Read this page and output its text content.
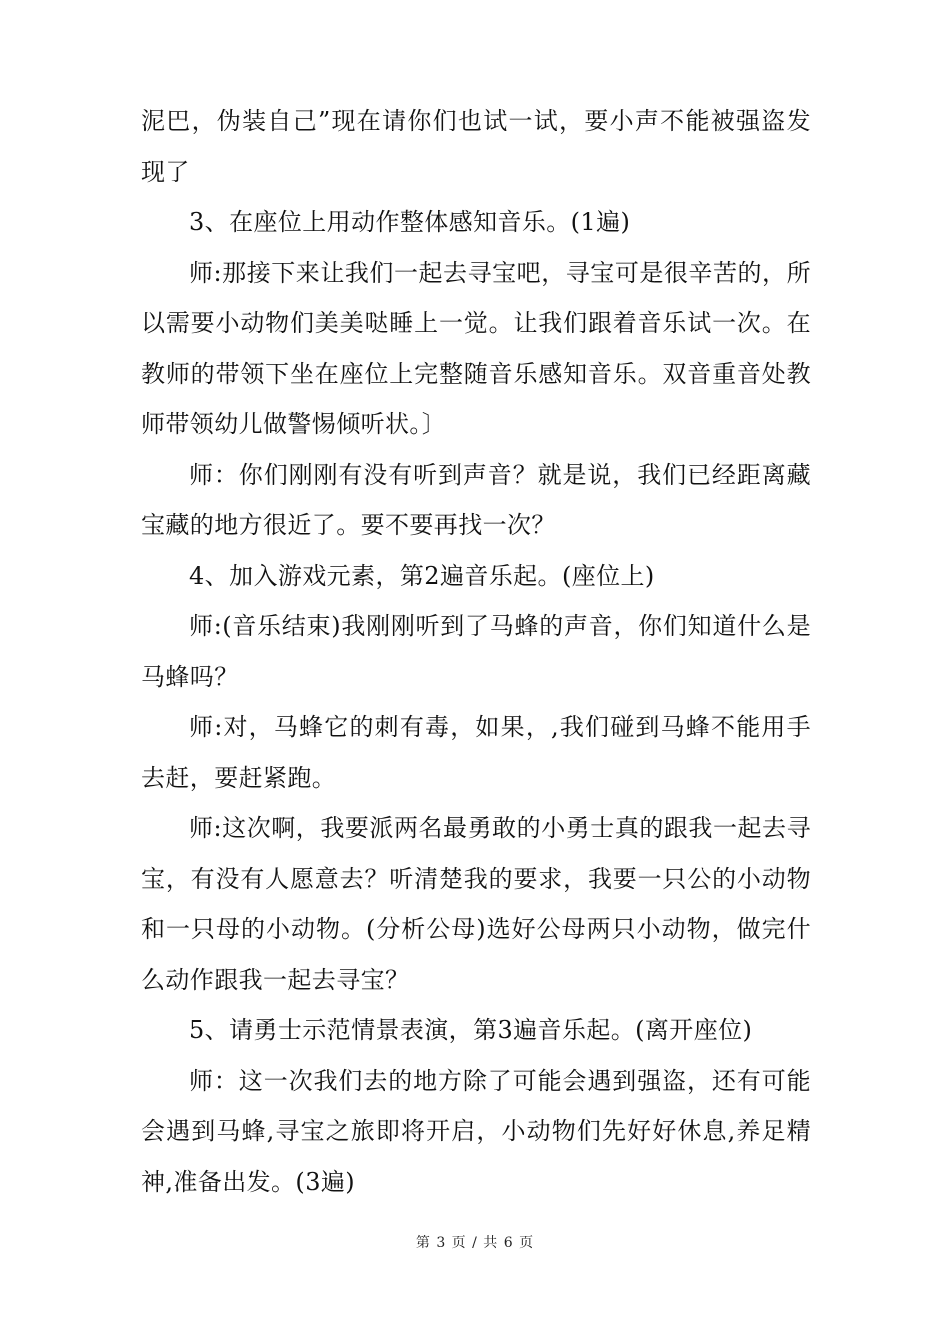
泥巴，伪装自己”现在请你们也试一试，要小声不能被强盗发现了

3、在座位上用动作整体感知音乐。(1遍)

师:那接下来让我们一起去寻宝吧，寻宝可是很辛苦的，所以需要小动物们美美哒睡上一觉。让我们跟着音乐试一次。在教师的带领下坐在座位上完整随音乐感知音乐。双音重音处教师带领幼儿做警惕倾听状。〕

师：你们刚刚有没有听到声音？就是说，我们已经距离藏宝藏的地方很近了。要不要再找一次？

4、加入游戏元素，第2遍音乐起。(座位上)

师:(音乐结束)我刚刚听到了马蜂的声音，你们知道什么是马蜂吗？

师:对，马蜂它的刺有毒，如果，,我们碰到马蜂不能用手去赶，要赶紧跑。

师:这次啊，我要派两名最勇敢的小勇士真的跟我一起去寻宝，有没有人愿意去？听清楚我的要求，我要一只公的小动物和一只母的小动物。(分析公母)选好公母两只小动物，做完什么动作跟我一起去寻宝？

5、请勇士示范情景表演，第3遍音乐起。(离开座位)

师：这一次我们去的地方除了可能会遇到强盗，还有可能会遇到马蜂,寻宝之旅即将开启，小动物们先好好休息,养足精神,准备出发。(3遍)

第 3 页 / 共 6 页
